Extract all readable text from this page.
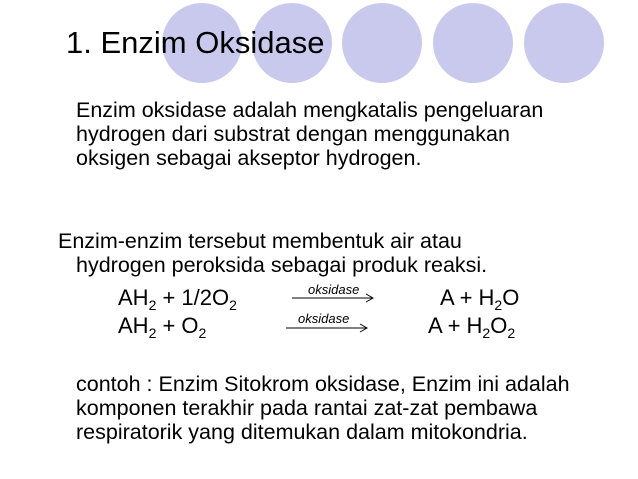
1. Enzim Oksidase

Enzim oksidase adalah mengkatalis pengeluaran hydrogen dari substrat dengan menggunakan oksigen sebagai akseptor hydrogen.

Enzim-enzim tersebut membentuk air atau
hydrogen peroksida sebagai produk reaksi.
$AH_2 + 1/2O_2$
oksidase	$A + H_2O$
$AH_2 + O_2$
oksidase	$A + H_2O_2$

contoh : Enzim Sitokrom oksidase, Enzim ini adalah komponen terakhir pada rantai zat-zat pembawa respiratorik yang ditemukan dalam mitokondria.
